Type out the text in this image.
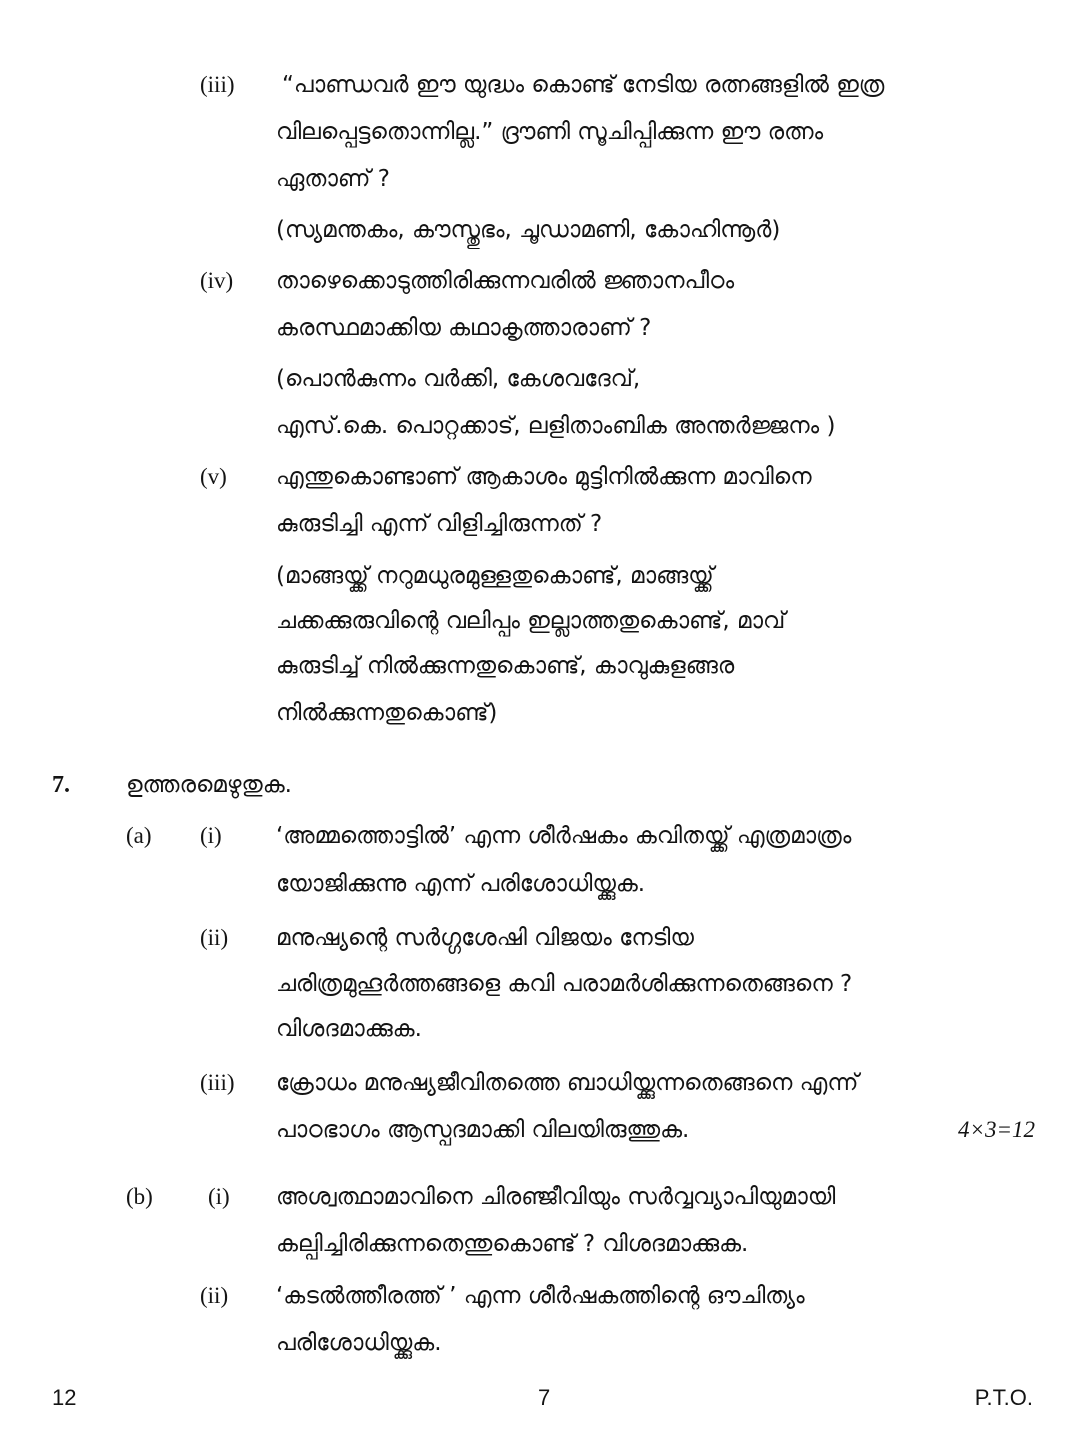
(iii) “പാണ്ഡവർ ഈ യുദ്ധം കൊണ്ട് നേടിയ രത്നങ്ങളിൽ ഇത്ര
വിലപ്പെട്ടതൊന്നില്ല.” ദ്രൗണി സൂചിപ്പിക്കുന്ന ഈ രത്നം
ഏതാണ് ?
(സ്യമന്തകം, കൗസ്തുഭം, ചൂഡാമണി, കോഹിന്നൂർ)
(iv) താഴെക്കൊടുത്തിരിക്കുന്നവരിൽ ജ്ഞാനപീഠം
കരസ്ഥമാക്കിയ കഥാകൃത്താരാണ് ?
(പൊൻകുന്നം വർക്കി, കേശവദേവ്,
എസ്.കെ. പൊറ്റക്കാട്, ലളിതാംബിക അന്തർജ്ജനം )
(v) എന്തുകൊണ്ടാണ് ആകാശം മുട്ടിനിൽക്കുന്ന മാവിനെ
കുരുടിച്ചി എന്ന് വിളിച്ചിരുന്നത് ?
(മാങ്ങയ്ക്ക് നറുമധുരമുള്ളതുകൊണ്ട്, മാങ്ങയ്ക്ക്
ചക്കക്കുരുവിന്റെ വലിപ്പം ഇല്ലാത്തതുകൊണ്ട്, മാവ്
കുരുടിച്ച് നിൽക്കുന്നതുകൊണ്ട്, കാവുകുളങ്ങര
നിൽക്കുന്നതുകൊണ്ട്)
7. ഉത്തരമെഴുതുക.
(a) (i) ‘അമ്മത്തൊട്ടിൽ’ എന്ന ശീർഷകം കവിതയ്ക്ക് എത്രമാത്രം
യോജിക്കുന്നു എന്ന് പരിശോധിയ്ക്കുക.
(ii) മനുഷ്യന്റെ സർഗ്ഗശേഷി വിജയം നേടിയ
ചരിത്രമുഹൂർത്തങ്ങളെ കവി പരാമർശിക്കുന്നതെങ്ങനെ ?
വിശദമാക്കുക.
(iii) ക്രോധം മനുഷ്യജീവിതത്തെ ബാധിയ്ക്കുന്നതെങ്ങനെ എന്ന്
പാഠഭാഗം ആസ്പദമാക്കി വിലയിരുത്തുക.	4×3=12
(b) (i) അശ്വത്ഥാമാവിനെ ചിരഞ്ജീവിയും സർവ്വവ്യാപിയുമായി
കല്പിച്ചിരിക്കുന്നതെന്തുകൊണ്ട് ? വിശദമാക്കുക.
(ii) ‘കടൽത്തീരത്ത് ’ എന്ന ശീർഷകത്തിന്റെ ഔചിത്യം
പരിശോധിയ്ക്കുക.
12	7	P.T.O.
